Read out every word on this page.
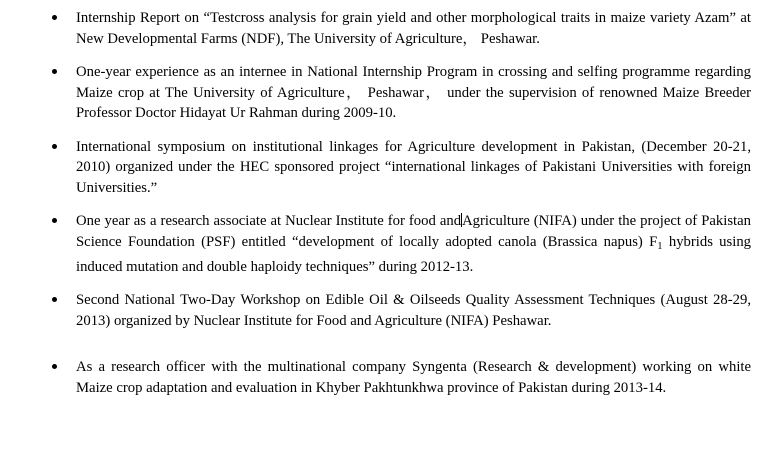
Internship Report on “Testcross analysis for grain yield and other morphological traits in maize variety Azam” at New Developmental Farms (NDF), The University of Agriculture， Peshawar.
One-year experience as an internee in National Internship Program in crossing and selfing programme regarding Maize crop at The University of Agriculture， Peshawar， under the supervision of renowned Maize Breeder Professor Doctor Hidayat Ur Rahman during 2009-10.
International symposium on institutional linkages for Agriculture development in Pakistan, (December 20-21, 2010) organized under the HEC sponsored project “international linkages of Pakistani Universities with foreign Universities.”
One year as a research associate at Nuclear Institute for food andAgriculture (NIFA) under the project of Pakistan Science Foundation (PSF) entitled “development of locally adopted canola (Brassica napus) $F_1$ hybrids using induced mutation and double haploidy techniques” during 2012-13.
Second National Two-Day Workshop on Edible Oil & Oilseeds Quality Assessment Techniques (August 28-29, 2013) organized by Nuclear Institute for Food and Agriculture (NIFA) Peshawar.
As a research officer with the multinational company Syngenta (Research & development) working on white Maize crop adaptation and evaluation in Khyber Pakhtunkhwa province of Pakistan during 2013-14.
